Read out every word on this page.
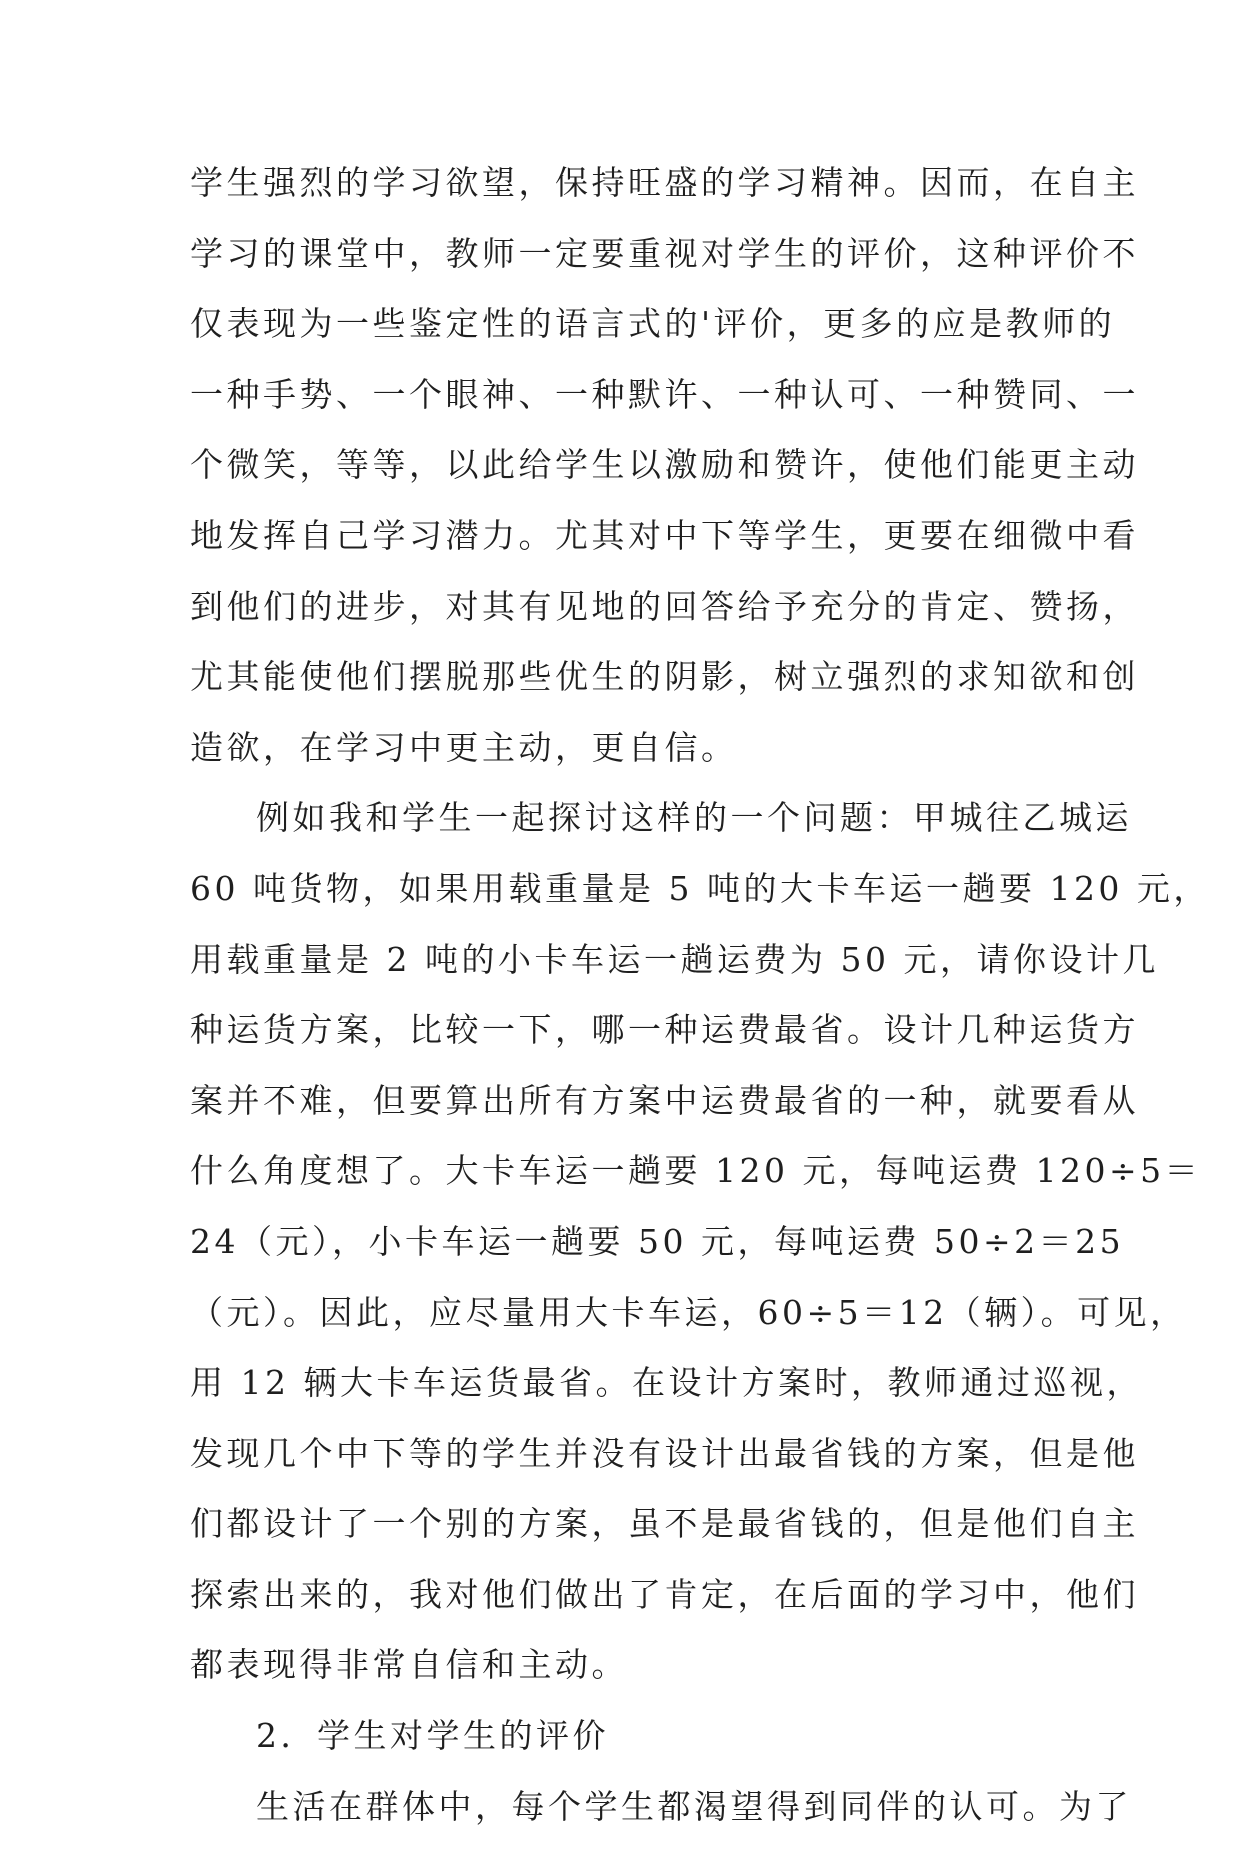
学生强烈的学习欲望，保持旺盛的学习精神。因而，在自主
学习的课堂中，教师一定要重视对学生的评价，这种评价不
仅表现为一些鉴定性的语言式的'评价，更多的应是教师的
一种手势、一个眼神、一种默许、一种认可、一种赞同、一
个微笑，等等，以此给学生以激励和赞许，使他们能更主动
地发挥自己学习潜力。尤其对中下等学生，更要在细微中看
到他们的进步，对其有见地的回答给予充分的肯定、赞扬，
尤其能使他们摆脱那些优生的阴影，树立强烈的求知欲和创
造欲，在学习中更主动，更自信。
例如我和学生一起探讨这样的一个问题：甲城往乙城运
60 吨货物，如果用载重量是 5 吨的大卡车运一趟要 120 元，
用载重量是 2 吨的小卡车运一趟运费为 50 元，请你设计几
种运货方案，比较一下，哪一种运费最省。设计几种运货方
案并不难，但要算出所有方案中运费最省的一种，就要看从
什么角度想了。大卡车运一趟要 120 元，每吨运费 120÷5＝
24（元），小卡车运一趟要 50 元，每吨运费 50÷2＝25
（元）。因此，应尽量用大卡车运，60÷5＝12（辆）。可见，
用 12 辆大卡车运货最省。在设计方案时，教师通过巡视，
发现几个中下等的学生并没有设计出最省钱的方案，但是他
们都设计了一个别的方案，虽不是最省钱的，但是他们自主
探索出来的，我对他们做出了肯定，在后面的学习中，他们
都表现得非常自信和主动。
2．学生对学生的评价
生活在群体中，每个学生都渴望得到同伴的认可。为了
